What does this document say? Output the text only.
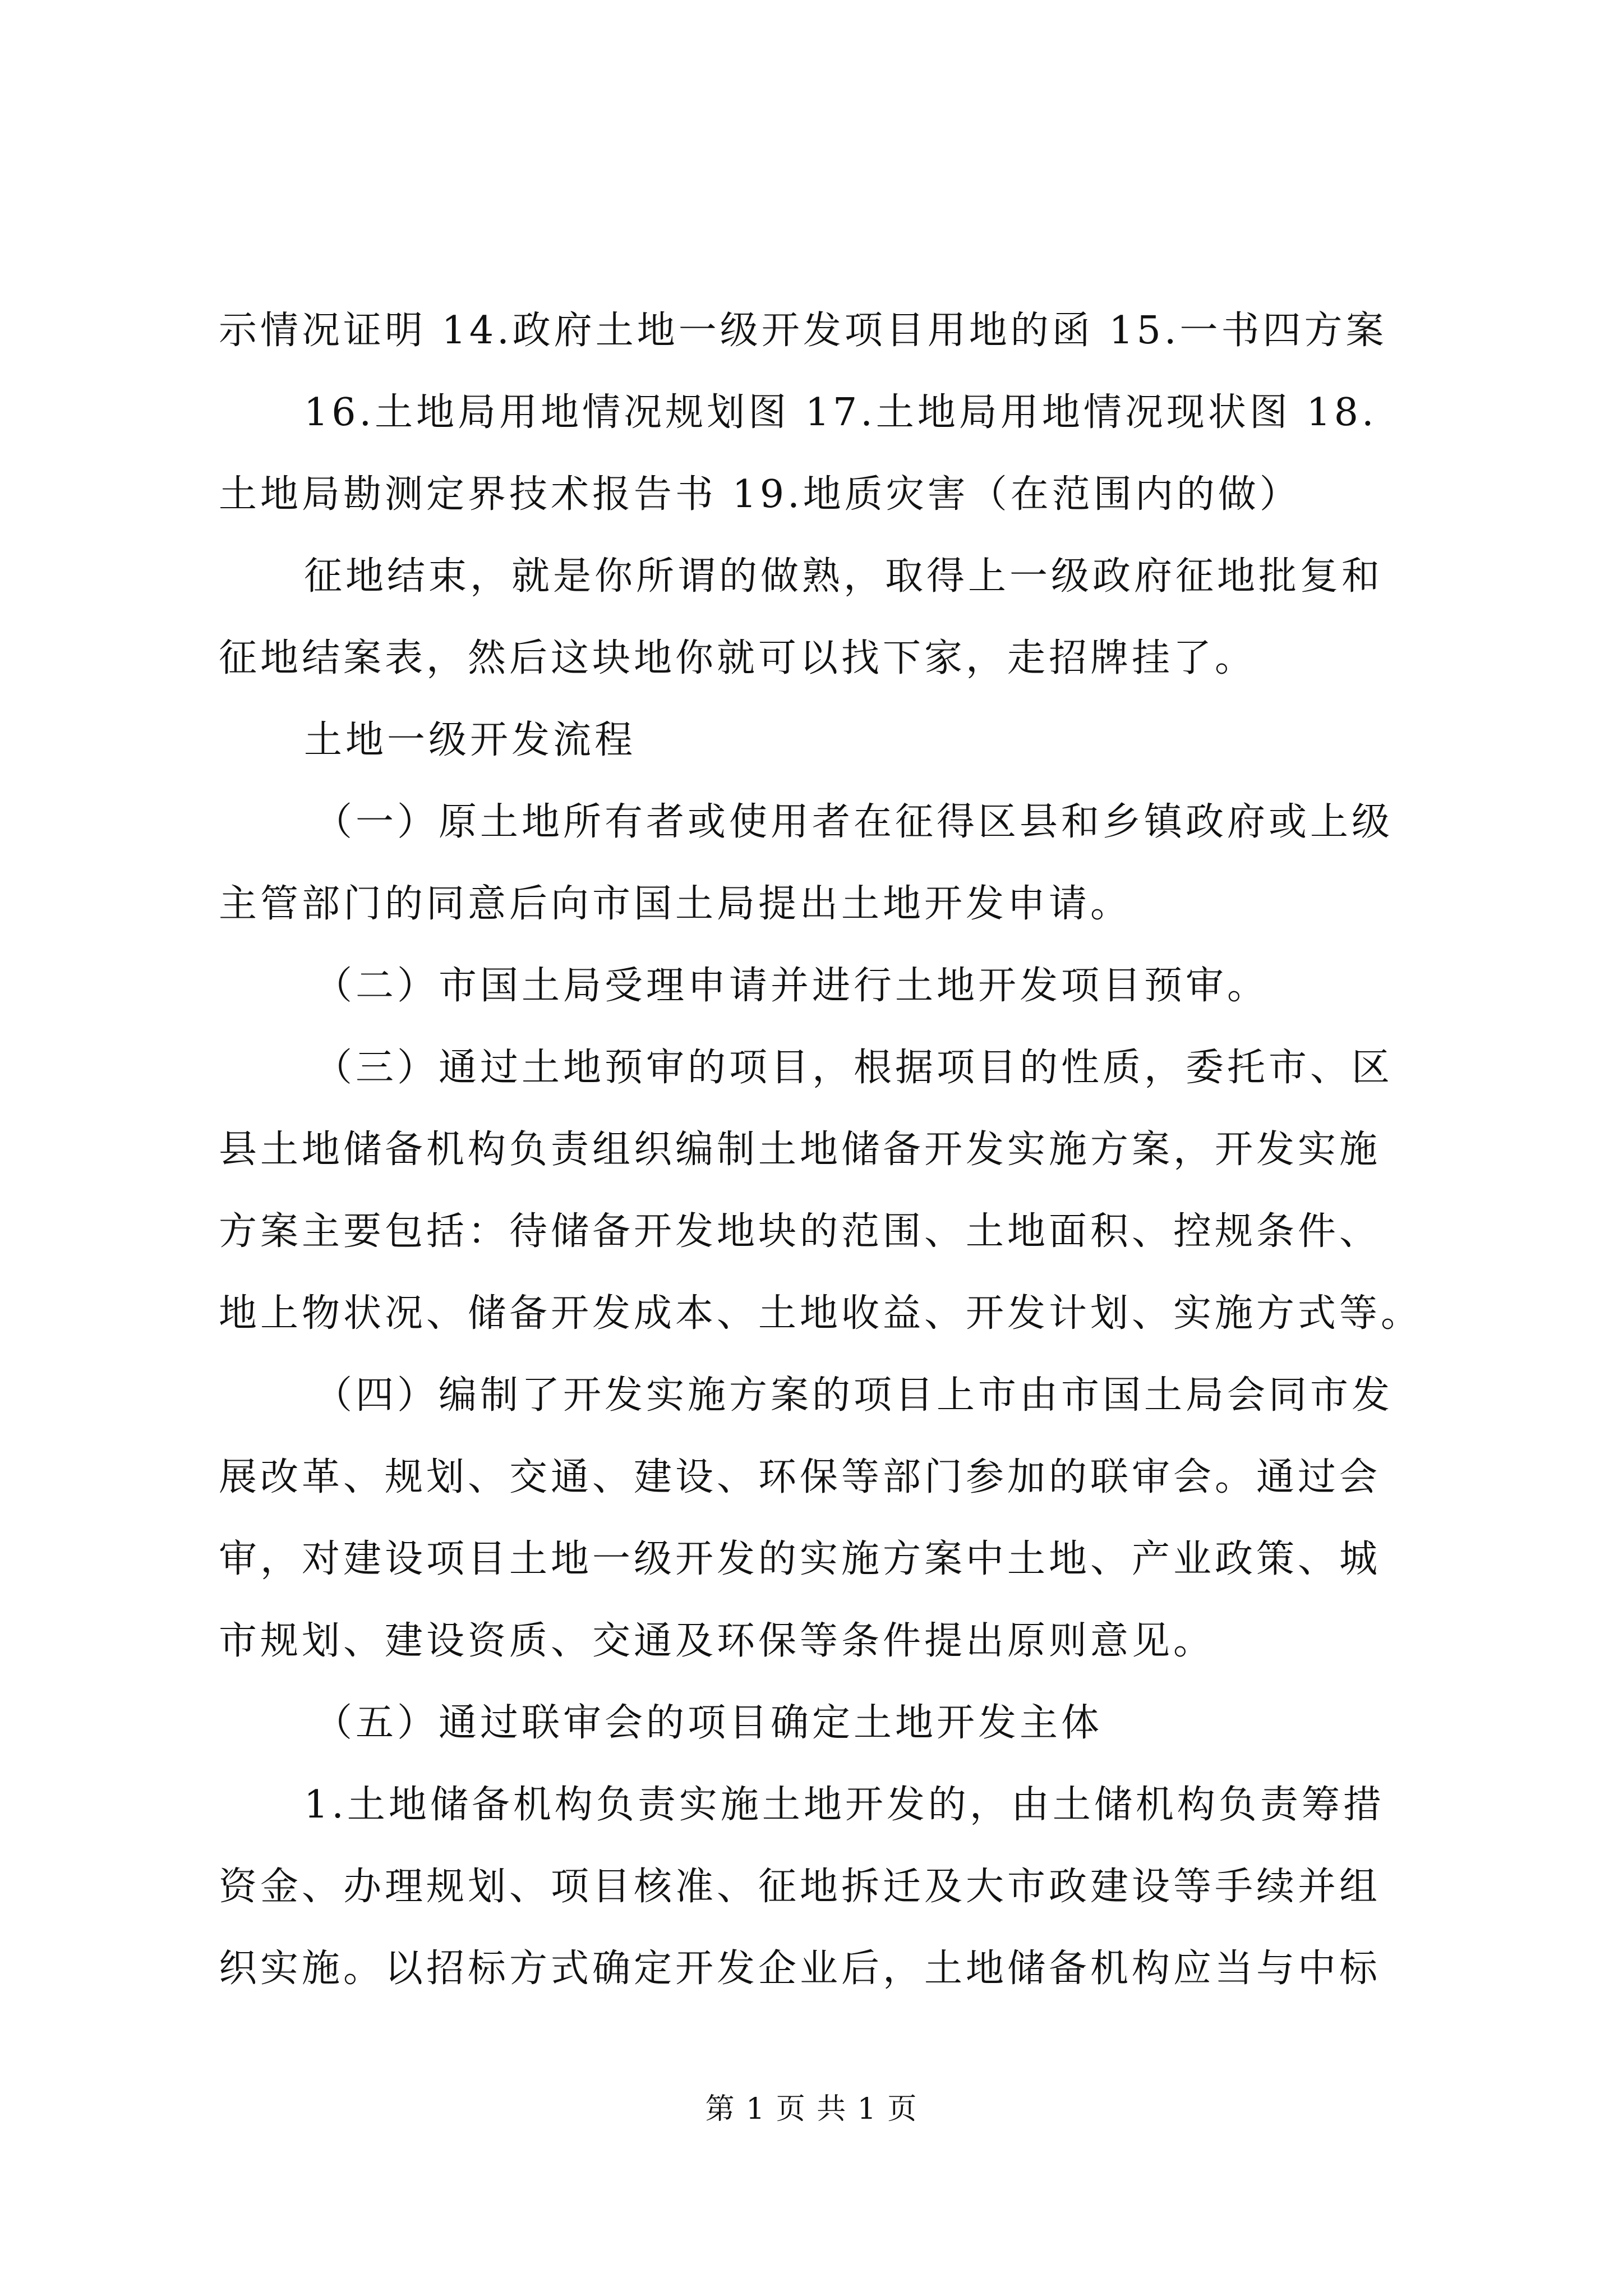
示情况证明 14.政府土地一级开发项目用地的函 15.一书四方案
16.土地局用地情况规划图 17.土地局用地情况现状图 18.
土地局勘测定界技术报告书 19.地质灾害（在范围内的做）
征地结束，就是你所谓的做熟，取得上一级政府征地批复和
征地结案表，然后这块地你就可以找下家，走招牌挂了。
土地一级开发流程
（一）原土地所有者或使用者在征得区县和乡镇政府或上级
主管部门的同意后向市国土局提出土地开发申请。
（二）市国土局受理申请并进行土地开发项目预审。
（三）通过土地预审的项目，根据项目的性质，委托市、区
县土地储备机构负责组织编制土地储备开发实施方案，开发实施
方案主要包括：待储备开发地块的范围、土地面积、控规条件、
地上物状况、储备开发成本、土地收益、开发计划、实施方式等。
（四）编制了开发实施方案的项目上市由市国土局会同市发
展改革、规划、交通、建设、环保等部门参加的联审会。通过会
审，对建设项目土地一级开发的实施方案中土地、产业政策、城
市规划、建设资质、交通及环保等条件提出原则意见。
（五）通过联审会的项目确定土地开发主体
1.土地储备机构负责实施土地开发的，由土储机构负责筹措
资金、办理规划、项目核准、征地拆迁及大市政建设等手续并组
织实施。以招标方式确定开发企业后，土地储备机构应当与中标
第 1 页 共 1 页
